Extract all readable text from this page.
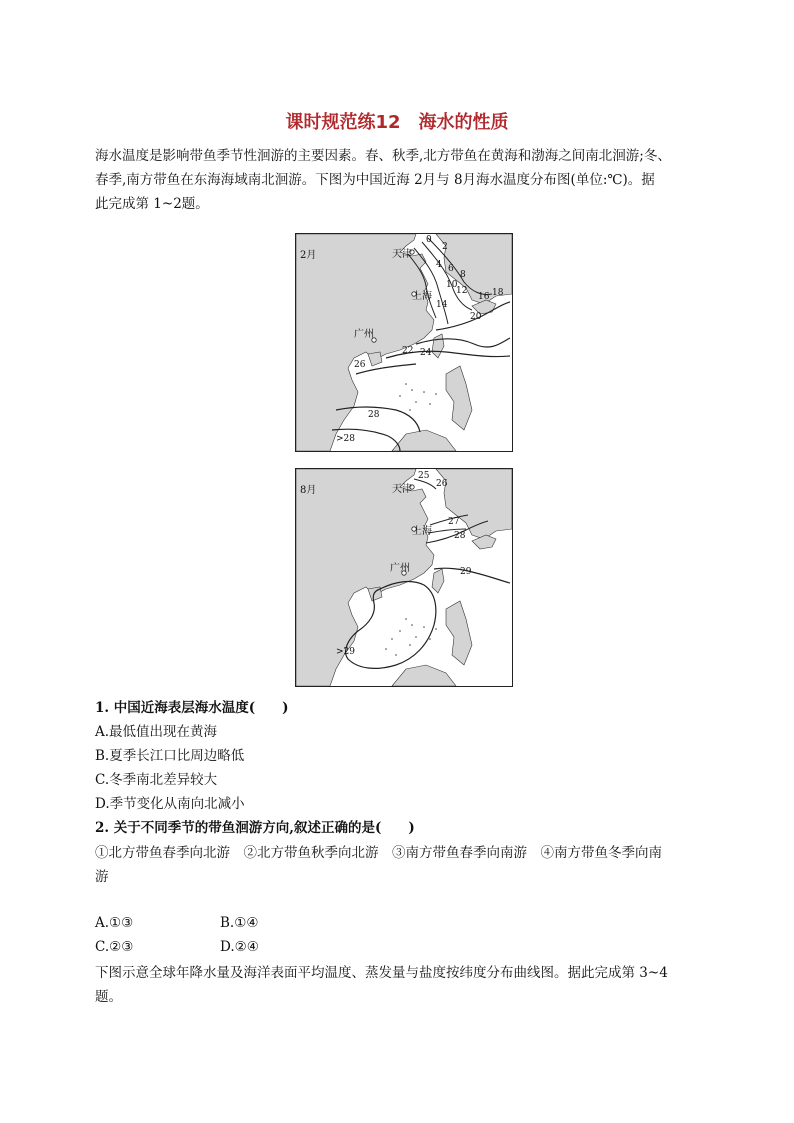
课时规范练12　海水的性质
海水温度是影响带鱼季节性洄游的主要因素。春、秋季,北方带鱼在黄海和渤海之间南北洄游;冬、
春季,南方带鱼在东海海域南北洄游。下图为中国近海 2月与 8月海水温度分布图(单位:℃)。据
此完成第 1~2题。
2月	天津
上海
广州
0
2
4 6
8
10
12
14
16 18
20
22 24
26
28
>28
8月	天津
上海
广州
25
26
27
28
29
>29
1. 中国近海表层海水温度(　　)
A.最低值出现在黄海
B.夏季长江口比周边略低
C.冬季南北差异较大
D.季节变化从南向北减小
2. 关于不同季节的带鱼洄游方向,叙述正确的是(　　)
①北方带鱼春季向北游　②北方带鱼秋季向北游　③南方带鱼春季向南游　④南方带鱼冬季向南
游
A.①③	B.①④
C.②③	D.②④
下图示意全球年降水量及海洋表面平均温度、蒸发量与盐度按纬度分布曲线图。据此完成第 3~4
题。
